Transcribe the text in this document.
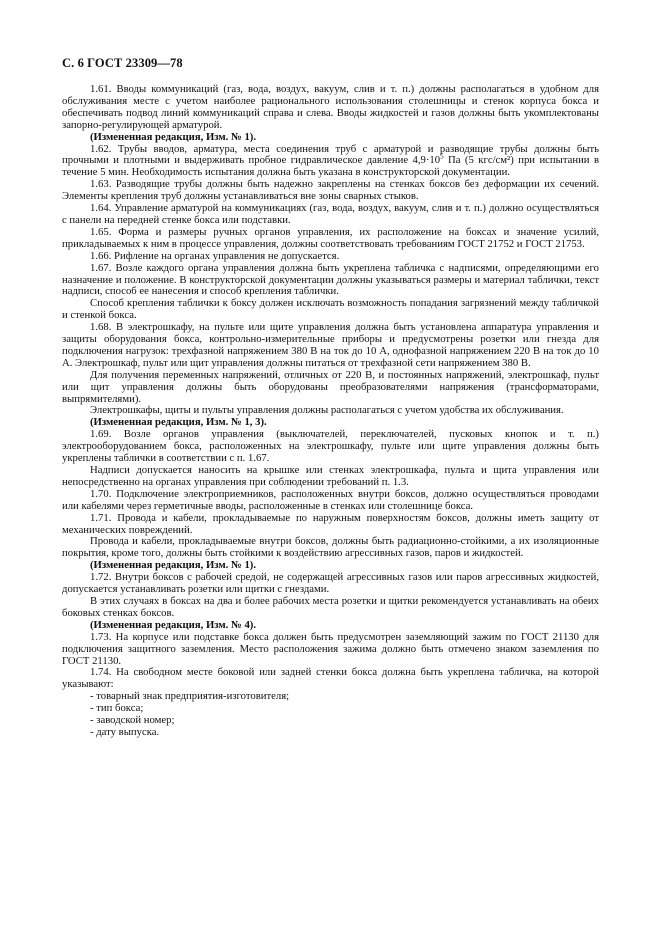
С. 6 ГОСТ 23309—78

1.61. Вводы коммуникаций (газ, вода, воздух, вакуум, слив и т. п.) должны располагаться в удобном для обслуживания месте с учетом наиболее рационального использования столешницы и стенок корпуса бокса и обеспечивать подвод линий коммуникаций справа и слева. Вводы жидкостей и газов должны быть укомплектованы запорно-регулирующей арматурой.

(Измененная редакция, Изм. № 1).

1.62. Трубы вводов, арматура, места соединения труб с арматурой и разводящие трубы должны быть прочными и плотными и выдерживать пробное гидравлическое давление $4,9\cdot 10^5$ Па (5 кгс/см²) при испытании в течение 5 мин. Необходимость испытания должна быть указана в конструкторской документации.

1.63. Разводящие трубы должны быть надежно закреплены на стенках боксов без деформации их сечений. Элементы крепления труб должны устанавливаться вне зоны сварных стыков.

1.64. Управление арматурой на коммуникациях (газ, вода, воздух, вакуум, слив и т. п.) должно осуществляться с панели на передней стенке бокса или подставки.

1.65. Форма и размеры ручных органов управления, их расположение на боксах и значение усилий, прикладываемых к ним в процессе управления, должны соответствовать требованиям ГОСТ 21752 и ГОСТ 21753.

1.66. Рифление на органах управления не допускается.

1.67. Возле каждого органа управления должна быть укреплена табличка с надписями, определяющими его назначение и положение. В конструкторской документации должны указываться размеры и материал таблички, текст надписи, способ ее нанесения и способ крепления таблички.

Способ крепления таблички к боксу должен исключать возможность попадания загрязнений между табличкой и стенкой бокса.

1.68. В электрошкафу, на пульте или щите управления должна быть установлена аппаратура управления и защиты оборудования бокса, контрольно-измерительные приборы и предусмотрены розетки или гнезда для подключения нагрузок: трехфазной напряжением 380 В на ток до 10 А, однофазной напряжением 220 В на ток до 10 А. Электрошкаф, пульт или щит управления должны питаться от трехфазной сети напряжением 380 В.

Для получения переменных напряжений, отличных от 220 В, и постоянных напряжений, электрошкаф, пульт или щит управления должны быть оборудованы преобразователями напряжения (трансформаторами, выпрямителями).

Электрошкафы, щиты и пульты управления должны располагаться с учетом удобства их обслуживания.

(Измененная редакция, Изм. № 1, 3).

1.69. Возле органов управления (выключателей, переключателей, пусковых кнопок и т. п.) электрооборудованием бокса, расположенных на электрошкафу, пульте или щите управления должны быть укреплены таблички в соответствии с п. 1.67.

Надписи допускается наносить на крышке или стенках электрошкафа, пульта и щита управления или непосредственно на органах управления при соблюдении требований п. 1.3.

1.70. Подключение электроприемников, расположенных внутри боксов, должно осуществляться проводами или кабелями через герметичные вводы, расположенные в стенках или столешнице бокса.

1.71. Провода и кабели, прокладываемые по наружным поверхностям боксов, должны иметь защиту от механических повреждений.

Провода и кабели, прокладываемые внутри боксов, должны быть радиационно-стойкими, а их изоляционные покрытия, кроме того, должны быть стойкими к воздействию агрессивных газов, паров и жидкостей.

(Измененная редакция, Изм. № 1).

1.72. Внутри боксов с рабочей средой, не содержащей агрессивных газов или паров агрессивных жидкостей, допускается устанавливать розетки или щитки с гнездами.

В этих случаях в боксах на два и более рабочих места розетки и щитки рекомендуется устанавливать на обеих боковых стенках боксов.

(Измененная редакция, Изм. № 4).

1.73. На корпусе или подставке бокса должен быть предусмотрен заземляющий зажим по ГОСТ 21130 для подключения защитного заземления. Место расположения зажима должно быть отмечено знаком заземления по ГОСТ 21130.

1.74. На свободном месте боковой или задней стенки бокса должна быть укреплена табличка, на которой указывают:

- товарный знак предприятия-изготовителя;

- тип бокса;

- заводской номер;

- дату выпуска.
